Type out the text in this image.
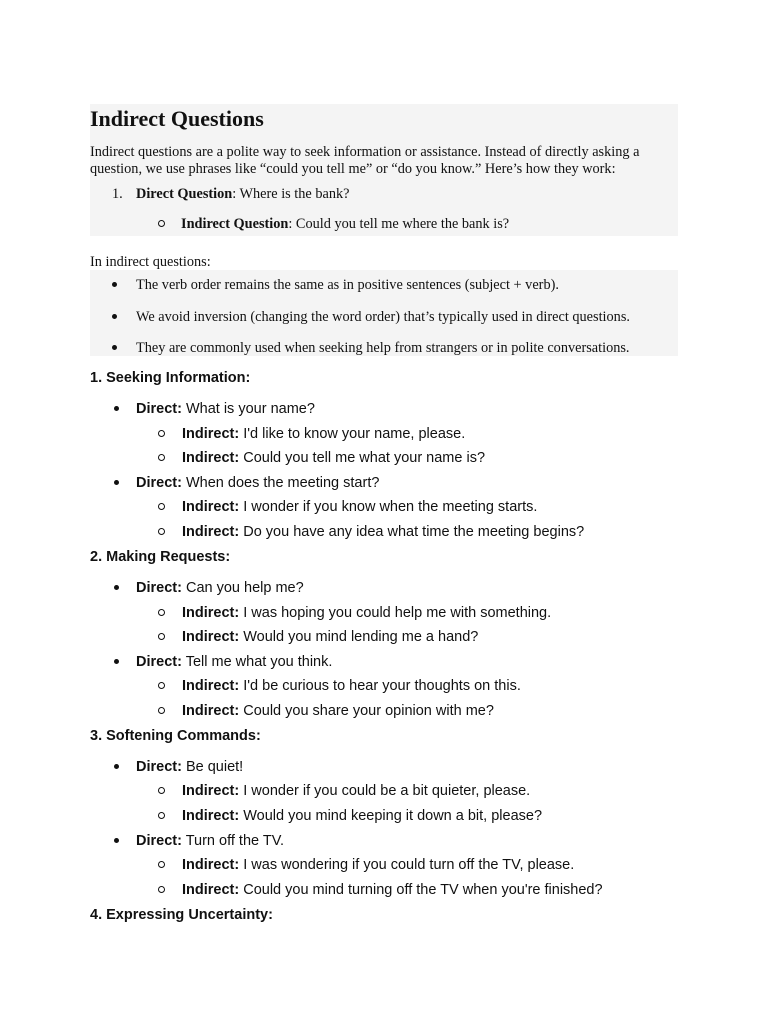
Indirect Questions

Indirect questions are a polite way to seek information or assistance. Instead of directly asking a question, we use phrases like “could you tell me” or “do you know.” Here’s how they work:

1. Direct Question: Where is the bank?
Indirect Question: Could you tell me where the bank is?
In indirect questions:
The verb order remains the same as in positive sentences (subject + verb).
We avoid inversion (changing the word order) that’s typically used in direct questions.
They are commonly used when seeking help from strangers or in polite conversations.
1. Seeking Information:
Direct: What is your name?
Indirect: I'd like to know your name, please.
Indirect: Could you tell me what your name is?
Direct: When does the meeting start?
Indirect: I wonder if you know when the meeting starts.
Indirect: Do you have any idea what time the meeting begins?
2. Making Requests:
Direct: Can you help me?
Indirect: I was hoping you could help me with something.
Indirect: Would you mind lending me a hand?
Direct: Tell me what you think.
Indirect: I'd be curious to hear your thoughts on this.
Indirect: Could you share your opinion with me?
3. Softening Commands:
Direct: Be quiet!
Indirect: I wonder if you could be a bit quieter, please.
Indirect: Would you mind keeping it down a bit, please?
Direct: Turn off the TV.
Indirect: I was wondering if you could turn off the TV, please.
Indirect: Could you mind turning off the TV when you're finished?
4. Expressing Uncertainty:
